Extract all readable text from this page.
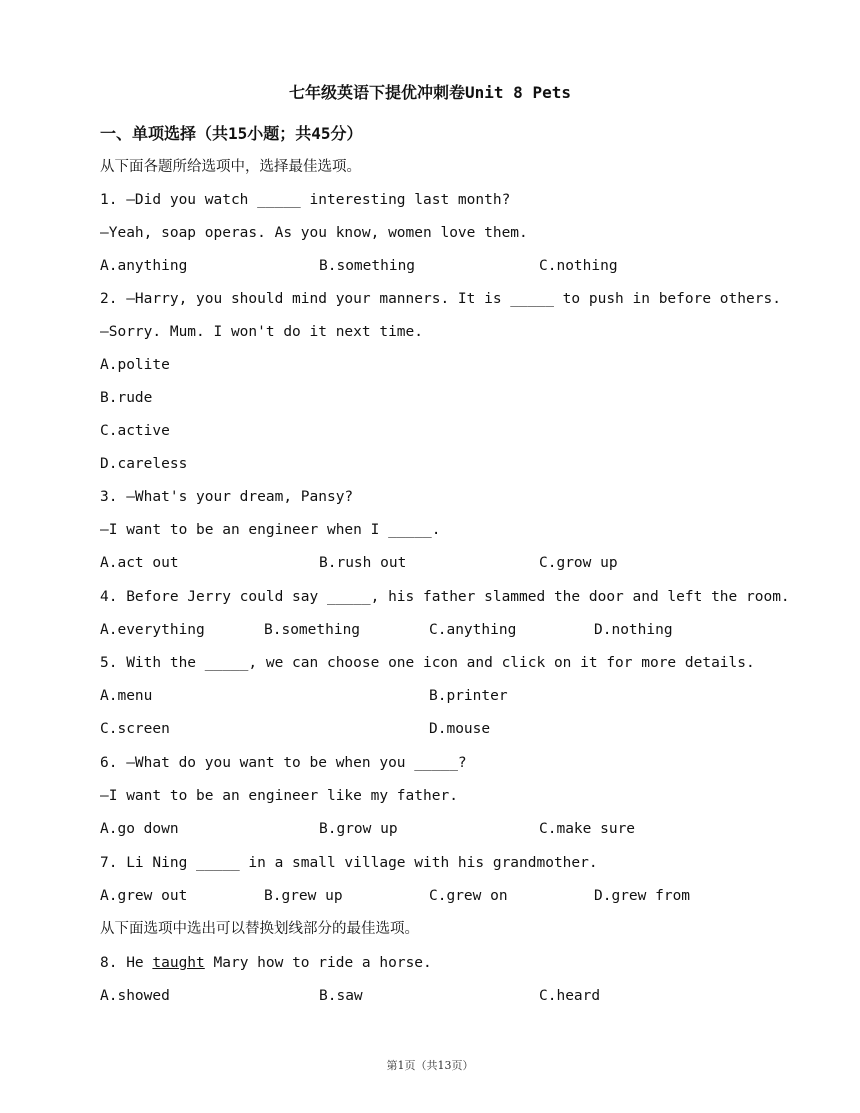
七年级英语下提优冲刺卷Unit 8 Pets
一、单项选择（共15小题；共45分）
从下面各题所给选项中，选择最佳选项。
1. —Did you watch _____ interesting last month?
—Yeah, soap operas. As you know, women love them.
A.anything	B.something	C.nothing
2. —Harry, you should mind your manners. It is _____ to push in before others.
—Sorry. Mum. I won't do it next time.
A.polite
B.rude
C.active
D.careless
3. —What's your dream, Pansy?
—I want to be an engineer when I _____.
A.act out	B.rush out	C.grow up
4. Before Jerry could say _____, his father slammed the door and left the room.
A.everything	B.something	C.anything	D.nothing
5. With the _____, we can choose one icon and click on it for more details.
A.menu	B.printer
C.screen	D.mouse
6. —What do you want to be when you _____?
—I want to be an engineer like my father.
A.go down	B.grow up	C.make sure
7. Li Ning _____ in a small village with his grandmother.
A.grew out	B.grew up	C.grew on	D.grew from
从下面选项中选出可以替换划线部分的最佳选项。
8. He taught Mary how to ride a horse.
A.showed	B.saw	C.heard
第1页（共13页）
